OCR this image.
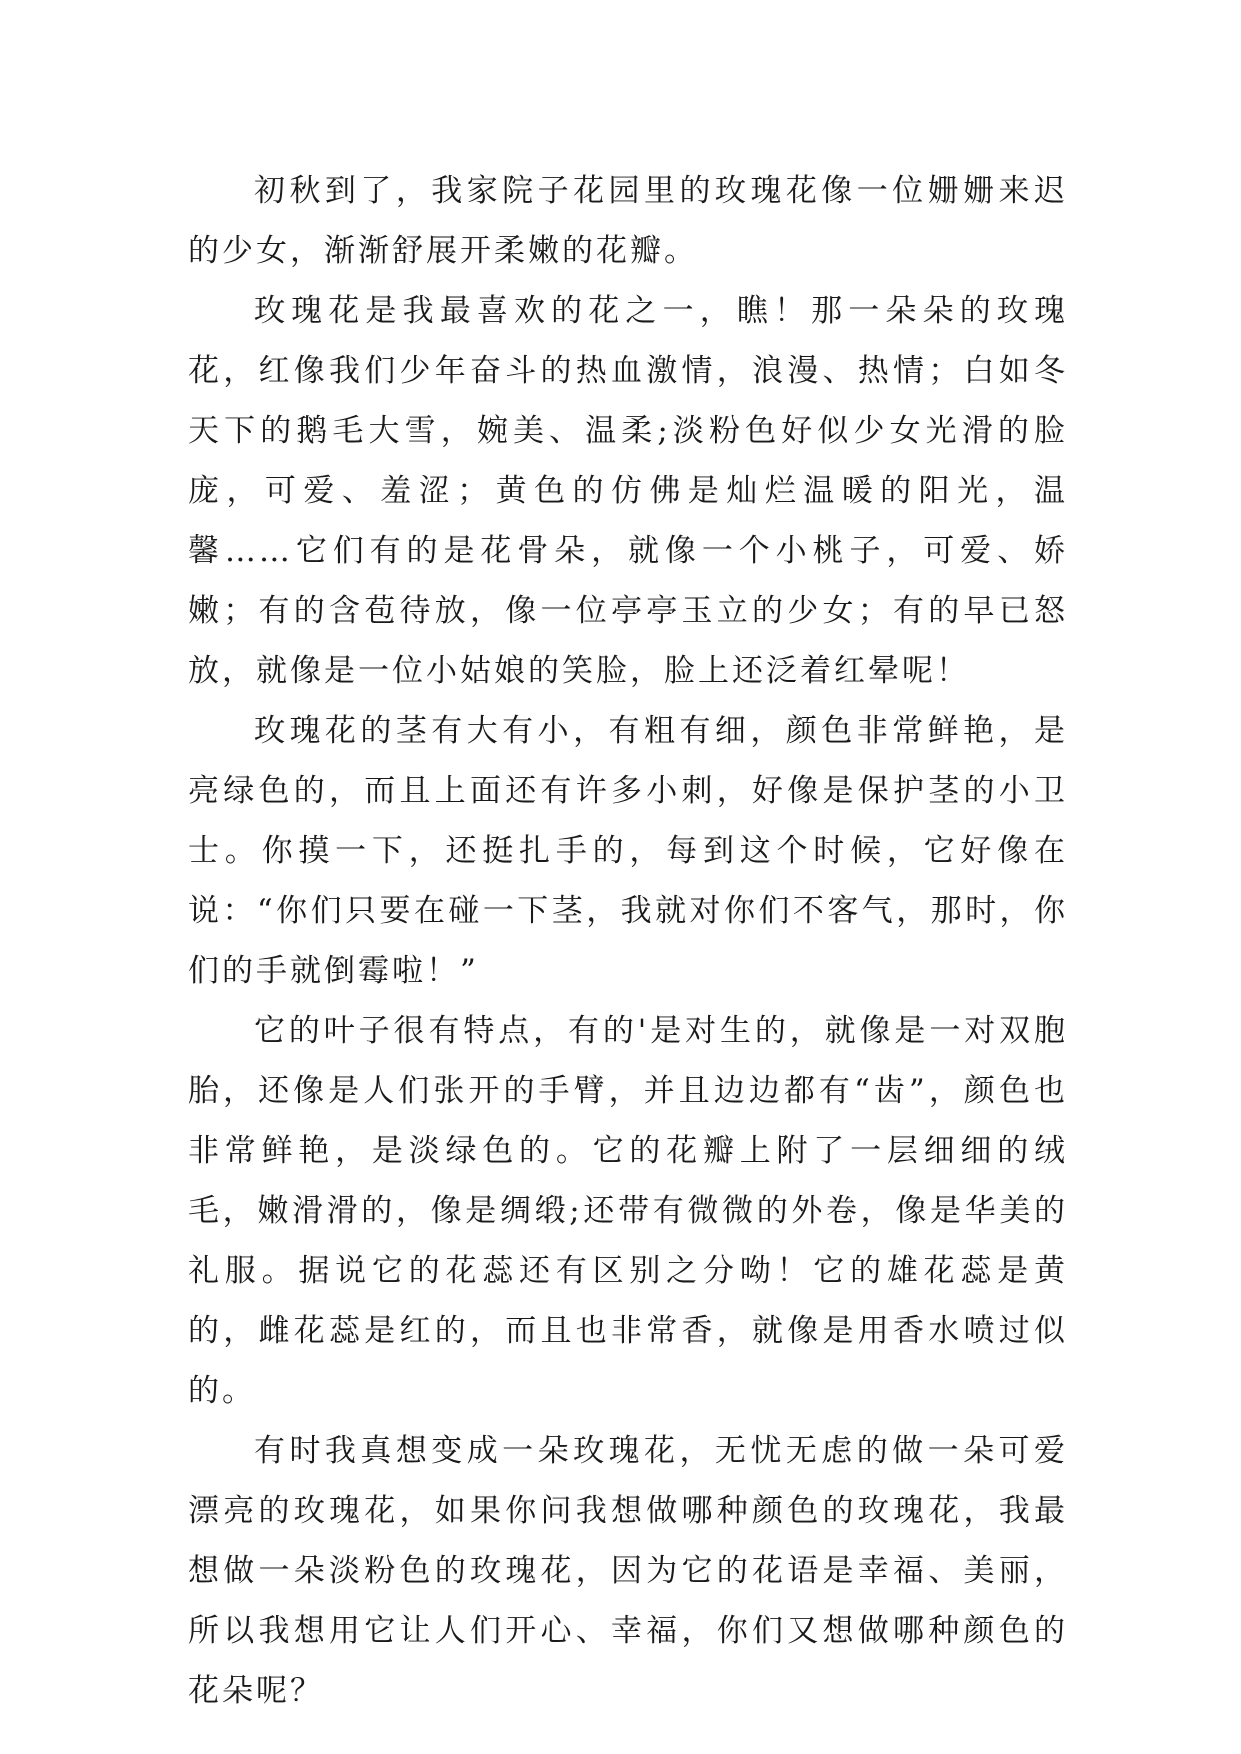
初秋到了，我家院子花园里的玫瑰花像一位姗姗来迟的少女，渐渐舒展开柔嫩的花瓣。

玫瑰花是我最喜欢的花之一，瞧！那一朵朵的玫瑰花，红像我们少年奋斗的热血激情，浪漫、热情；白如冬天下的鹅毛大雪，婉美、温柔;淡粉色好似少女光滑的脸庞，可爱、羞涩；黄色的仿佛是灿烂温暖的阳光，温馨……它们有的是花骨朵，就像一个小桃子，可爱、娇嫩；有的含苞待放，像一位亭亭玉立的少女；有的早已怒放，就像是一位小姑娘的笑脸，脸上还泛着红晕呢！

玫瑰花的茎有大有小，有粗有细，颜色非常鲜艳，是亮绿色的，而且上面还有许多小刺，好像是保护茎的小卫士。你摸一下，还挺扎手的，每到这个时候，它好像在说：“你们只要在碰一下茎，我就对你们不客气，那时，你们的手就倒霉啦！”

它的叶子很有特点，有的'是对生的，就像是一对双胞胎，还像是人们张开的手臂，并且边边都有“齿”，颜色也非常鲜艳，是淡绿色的。它的花瓣上附了一层细细的绒毛，嫩滑滑的，像是绸缎;还带有微微的外卷，像是华美的礼服。据说它的花蕊还有区别之分呦！它的雄花蕊是黄的，雌花蕊是红的，而且也非常香，就像是用香水喷过似的。

有时我真想变成一朵玫瑰花，无忧无虑的做一朵可爱漂亮的玫瑰花，如果你问我想做哪种颜色的玫瑰花，我最想做一朵淡粉色的玫瑰花，因为它的花语是幸福、美丽，所以我想用它让人们开心、幸福，你们又想做哪种颜色的花朵呢？
